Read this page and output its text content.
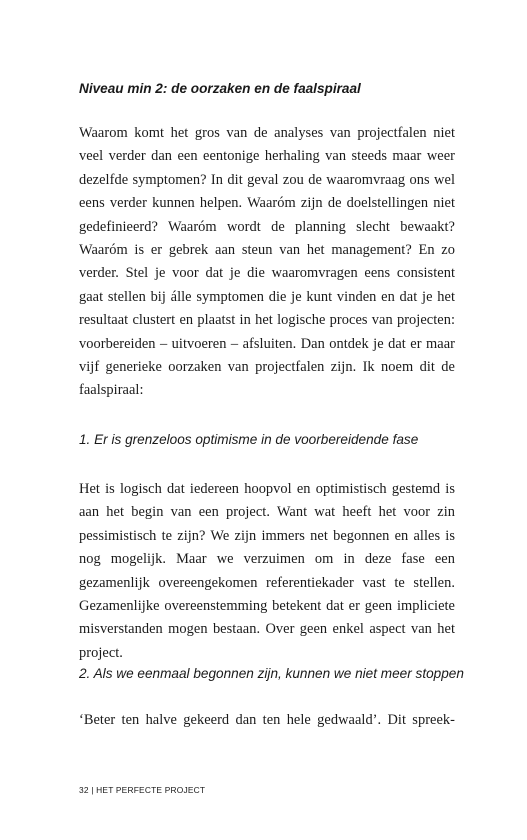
Niveau min 2: de oorzaken en de faalspiraal

Waarom komt het gros van de analyses van projectfalen niet veel verder dan een eentonige herhaling van steeds maar weer dezelfde symptomen? In dit geval zou de waaromvraag ons wel eens verder kunnen helpen. Waaróm zijn de doelstellingen niet gedefinieerd? Waaróm wordt de planning slecht bewaakt? Waaróm is er gebrek aan steun van het management? En zo verder. Stel je voor dat je die waaromvragen eens consistent gaat stellen bij álle symptomen die je kunt vinden en dat je het resultaat clustert en plaatst in het logische proces van projecten: voorbereiden – uitvoeren – afsluiten. Dan ontdek je dat er maar vijf generieke oorzaken van projectfalen zijn. Ik noem dit de faalspiraal:

1. Er is grenzeloos optimisme in de voorbereidende fase

Het is logisch dat iedereen hoopvol en optimistisch gestemd is aan het begin van een project. Want wat heeft het voor zin pessimistisch te zijn? We zijn immers net begonnen en alles is nog mogelijk. Maar we verzuimen om in deze fase een gezamenlijk overeengekomen referentiekader vast te stellen. Gezamenlijke overeenstemming betekent dat er geen impliciete misverstanden mogen bestaan. Over geen enkel aspect van het project.

2. Als we eenmaal begonnen zijn, kunnen we niet meer stoppen

‘Beter ten halve gekeerd dan ten hele gedwaald’. Dit spreek-

32 | HET PERFECTE PROJECT
